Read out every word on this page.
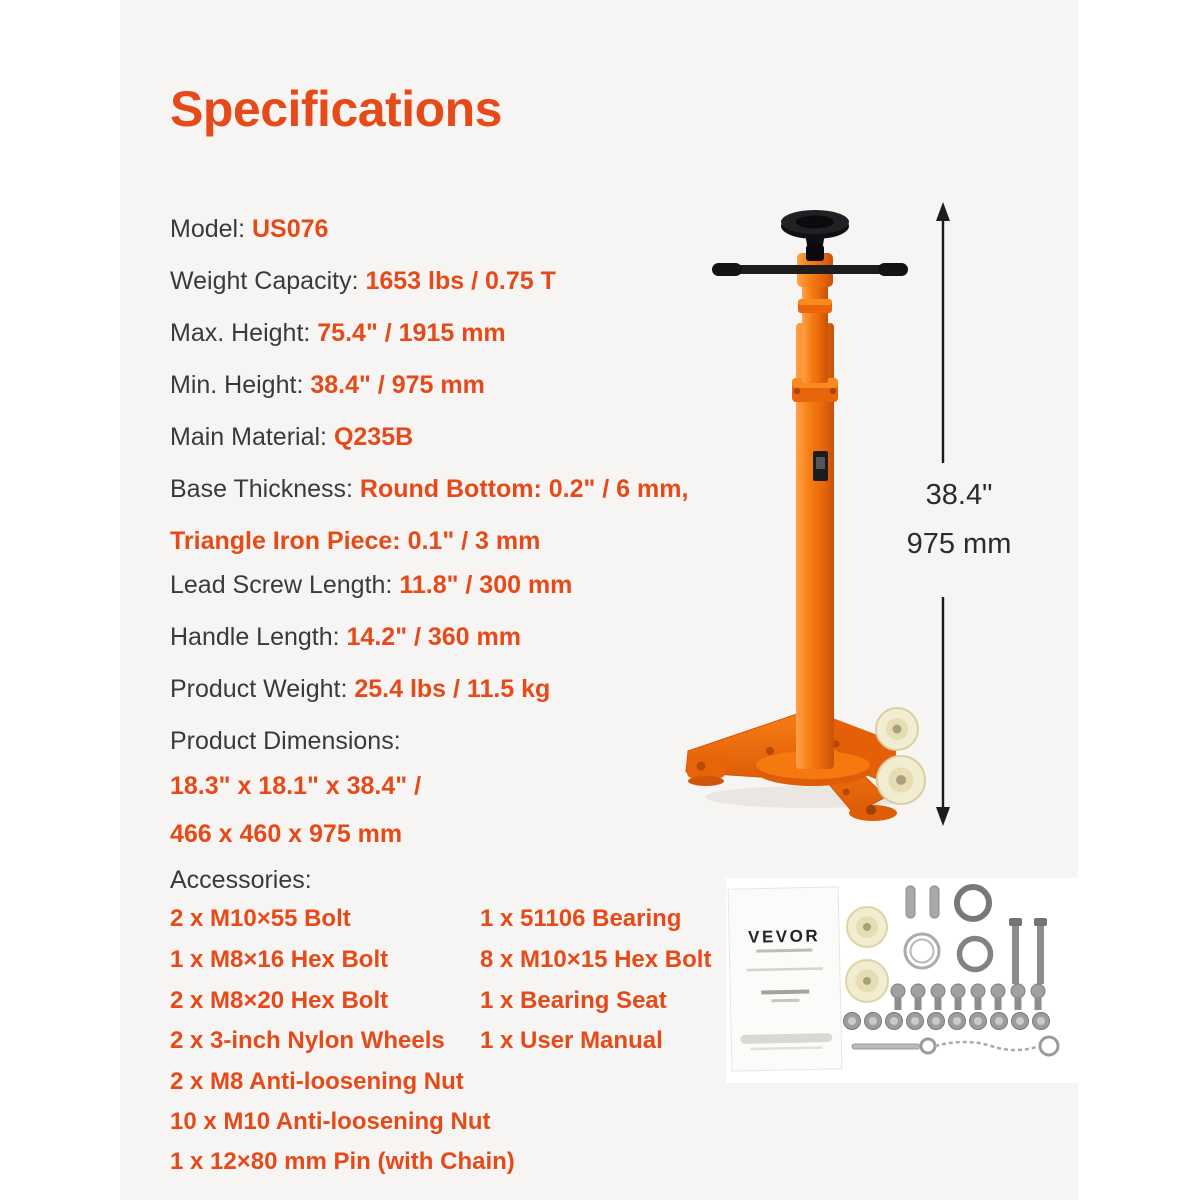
Specifications
Model: US076
Weight Capacity: 1653 lbs / 0.75 T
Max. Height: 75.4" / 1915 mm
Min. Height: 38.4" / 975 mm
Main Material: Q235B
Base Thickness: Round Bottom: 0.2" / 6 mm,
Triangle Iron Piece: 0.1" / 3 mm
Lead Screw Length: 11.8" / 300 mm
Handle Length: 14.2" / 360 mm
Product Weight: 25.4 lbs / 11.5 kg
Product Dimensions:
18.3" x 18.1" x 38.4" /
466 x 460 x 975 mm
Accessories:
2 x M10×55 Bolt
1 x M8×16 Hex Bolt
2 x M8×20 Hex Bolt
2 x 3-inch Nylon Wheels
2 x M8 Anti-loosening Nut
10 x M10 Anti-loosening Nut
1 x 12×80 mm Pin (with Chain)
1 x 51106 Bearing
8 x M10×15 Hex Bolt
1 x Bearing Seat
1 x User Manual
38.4"
975 mm
VEVOR
